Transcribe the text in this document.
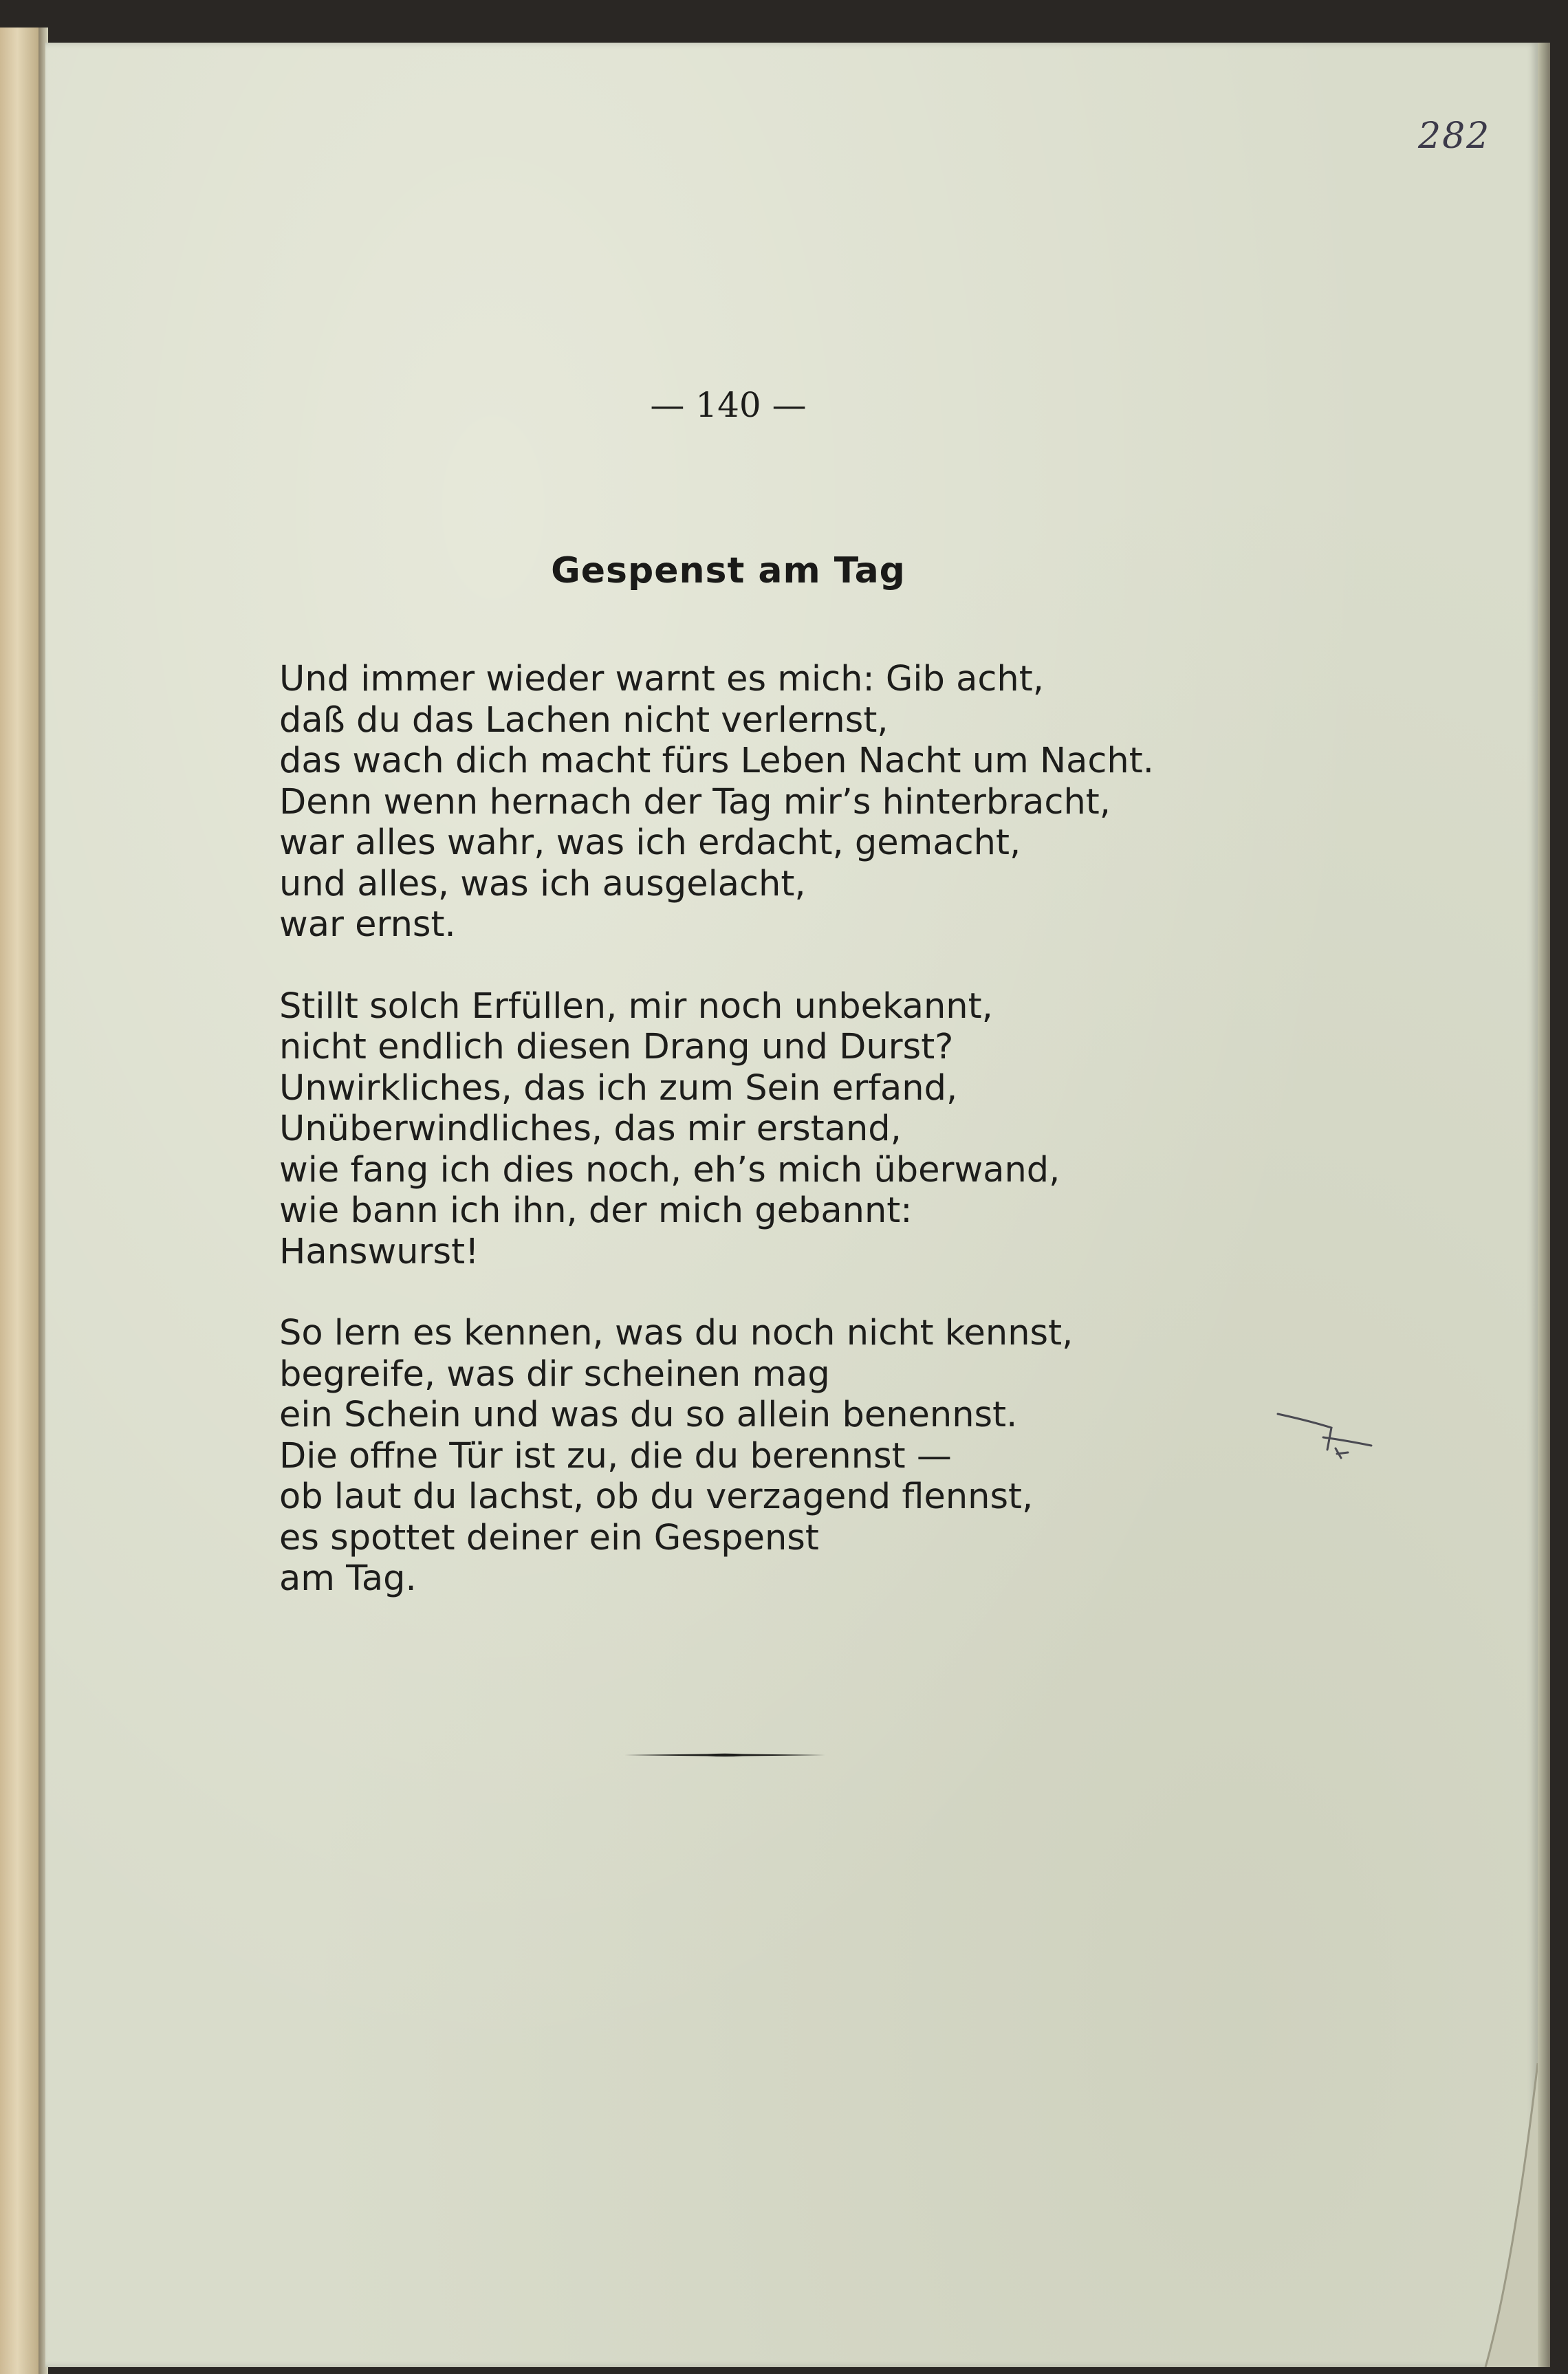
282
— 140 —
Gespenst am Tag
Und immer wieder warnt es mich: Gib acht,
daß du das Lachen nicht verlernst,
das wach dich macht fürs Leben Nacht um Nacht.
Denn wenn hernach der Tag mir’s hinterbracht,
war alles wahr, was ich erdacht, gemacht,
und alles, was ich ausgelacht,
war ernst.
Stillt solch Erfüllen, mir noch unbekannt,
nicht endlich diesen Drang und Durst?
Unwirkliches, das ich zum Sein erfand,
Unüberwindliches, das mir erstand,
wie fang ich dies noch, eh’s mich überwand,
wie bann ich ihn, der mich gebannt:
Hanswurst!
So lern es kennen, was du noch nicht kennst,
begreife, was dir scheinen mag
ein Schein und was du so allein benennst.
Die offne Tür ist zu, die du berennst —
ob laut du lachst, ob du verzagend flennst,
es spottet deiner ein Gespenst
am Tag.
